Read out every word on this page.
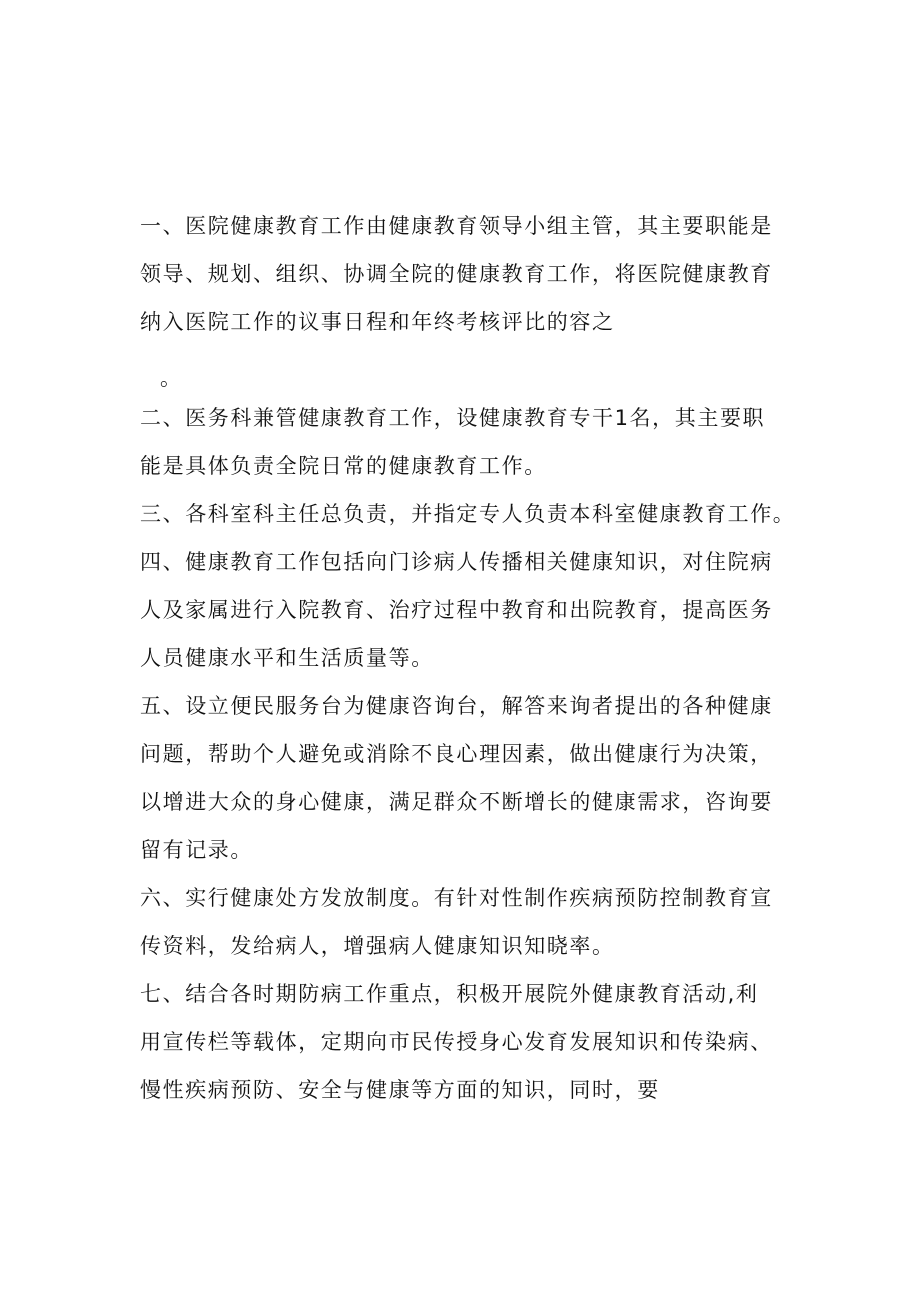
一、医院健康教育工作由健康教育领导小组主管，其主要职能是
领导、规划、组织、协调全院的健康教育工作，将医院健康教育
纳入医院工作的议事日程和年终考核评比的容之
。
二、医务科兼管健康教育工作，设健康教育专干1名，其主要职
能是具体负责全院日常的健康教育工作。
三、各科室科主任总负责，并指定专人负责本科室健康教育工作。
四、健康教育工作包括向门诊病人传播相关健康知识，对住院病
人及家属进行入院教育、治疗过程中教育和出院教育，提高医务
人员健康水平和生活质量等。
五、设立便民服务台为健康咨询台，解答来询者提出的各种健康
问题，帮助个人避免或消除不良心理因素，做出健康行为决策，
以增进大众的身心健康，满足群众不断增长的健康需求，咨询要
留有记录。
六、实行健康处方发放制度。有针对性制作疾病预防控制教育宣
传资料，发给病人，增强病人健康知识知晓率。
七、结合各时期防病工作重点，积极开展院外健康教育活动,利
用宣传栏等载体，定期向市民传授身心发育发展知识和传染病、
慢性疾病预防、安全与健康等方面的知识，同时，要
